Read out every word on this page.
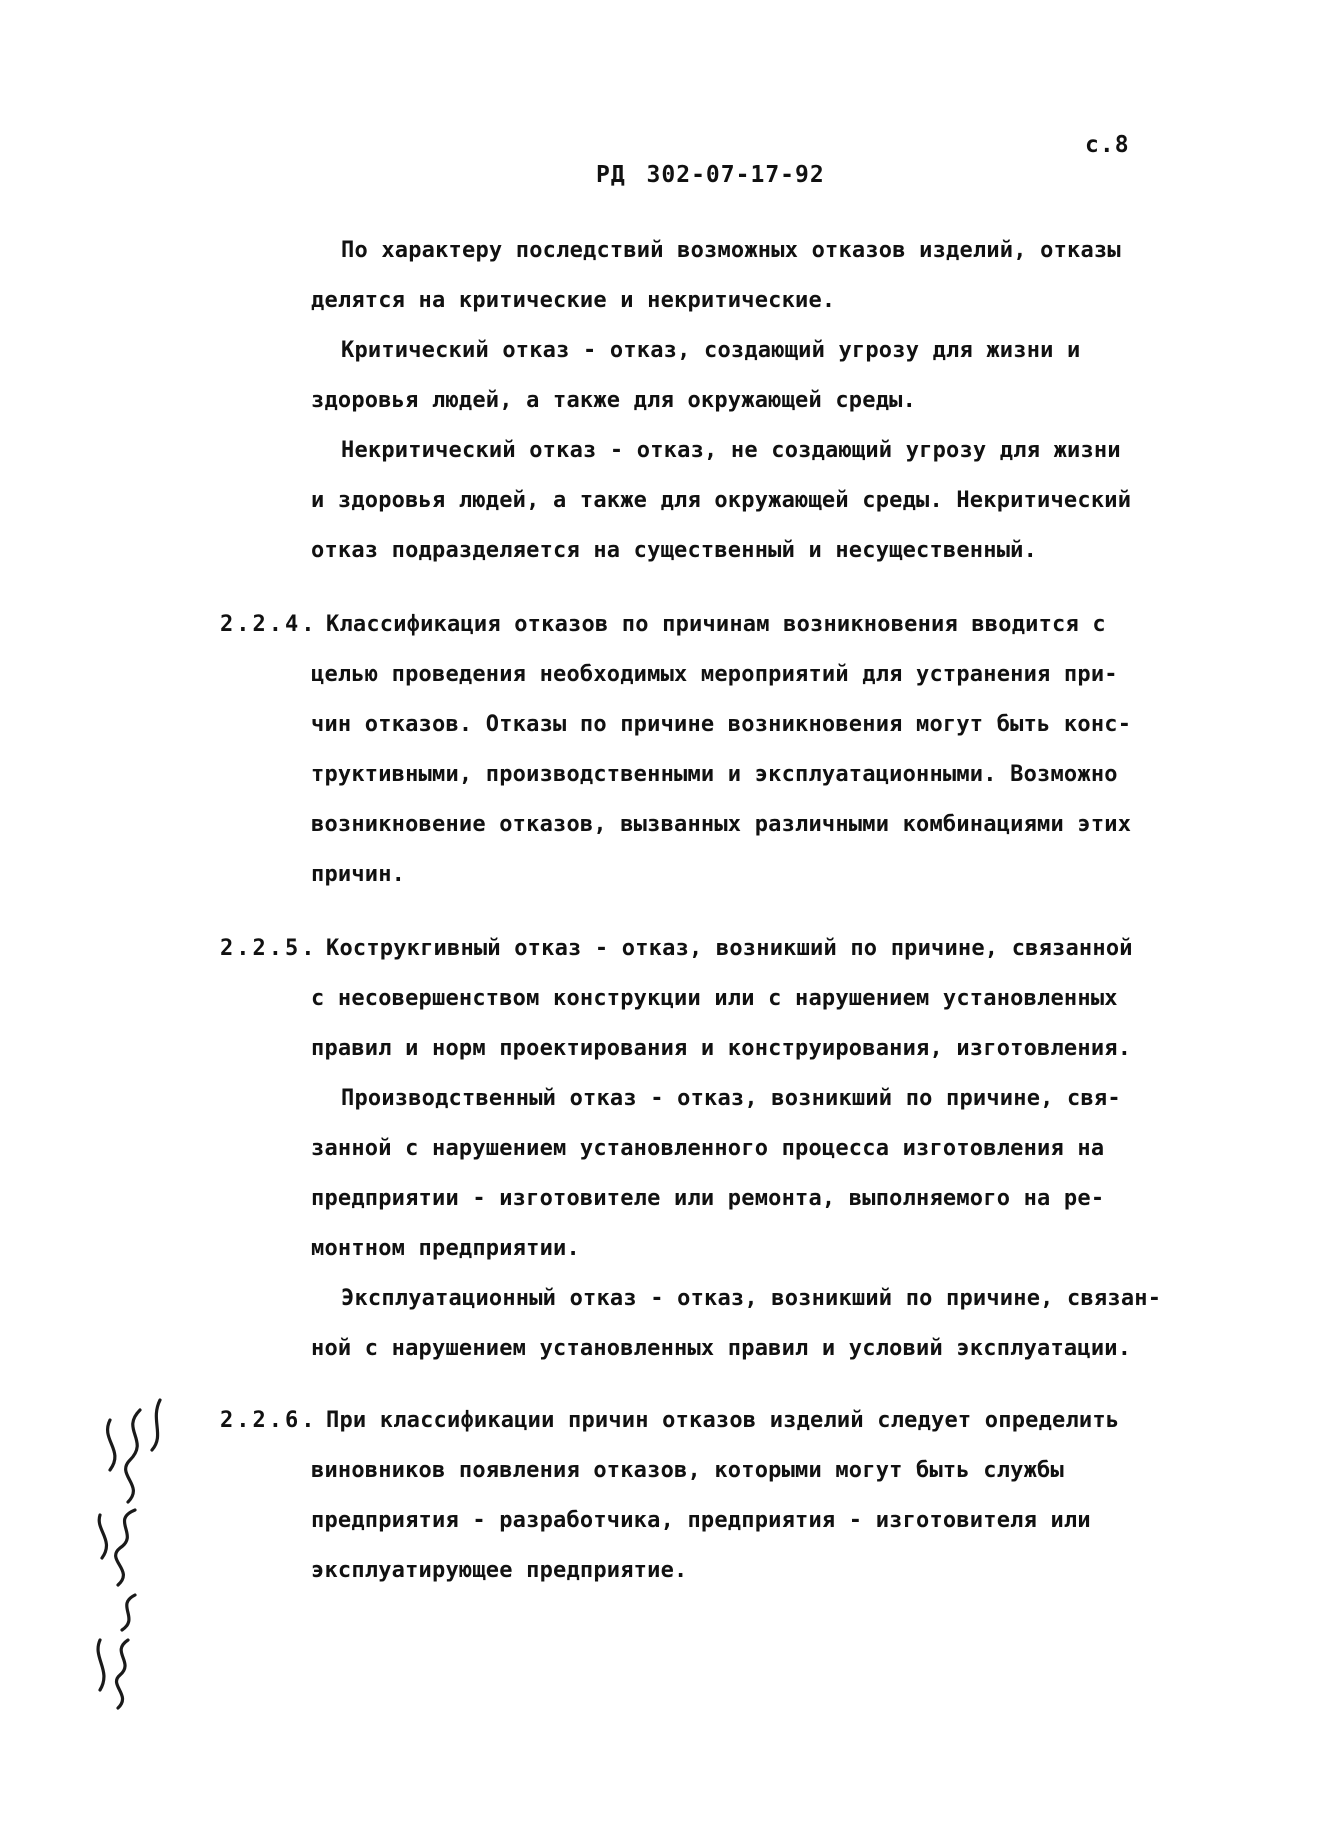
с.8
РД 302-07-17-92
По характеру последствий возможных отказов изделий, отказы
делятся на критические и некритические.
Критический отказ - отказ, создающий угрозу для жизни и
здоровья людей, а также для окружающей среды.
Некритический отказ - отказ, не создающий угрозу для жизни
и здоровья людей, а также для окружающей среды. Некритический
отказ подразделяется на существенный и несущественный.
2.2.4. Классификация отказов по причинам возникновения вводится с
целью проведения необходимых мероприятий для устранения при-
чин отказов. Отказы по причине возникновения могут быть конс-
труктивными, производственными и эксплуатационными. Возможно
возникновение отказов, вызванных различными комбинациями этих
причин.
2.2.5. Кострукгивный отказ - отказ, возникший по причине, связанной
с несовершенством конструкции или с нарушением установленных
правил и норм проектирования и конструирования, изготовления.
Производственный отказ - отказ, возникший по причине, свя-
занной с нарушением установленного процесса изготовления на
предприятии - изготовителе или ремонта, выполняемого на ре-
монтном предприятии.
Эксплуатационный отказ - отказ, возникший по причине, связан-
ной с нарушением установленных правил и условий эксплуатации.
2.2.6. При классификации причин отказов изделий следует определить
виновников появления отказов, которыми могут быть службы
предприятия - разработчика, предприятия - изготовителя или
эксплуатирующее предприятие.
